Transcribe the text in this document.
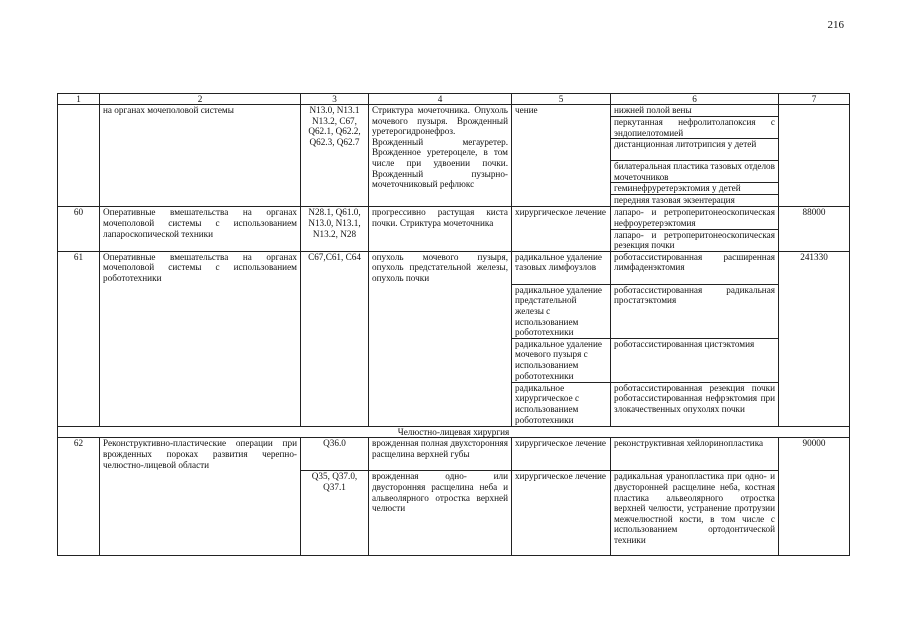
216
1	2	3	4	5	6	7
	на органах мочеполовой системы	N13.0, N13.1 N13.2, C67, Q62.1, Q62.2, Q62.3, Q62.7	Стриктура мочеточника. Опухоль мочевого пузыря. Врожденный уретерогидронефроз. Врожденный мегауретер. Врожденное уретероцеле, в том числе при удвоении почки. Врожденный пузырно-мочеточниковый рефлюкс	чение	нижней полой вены	
					перкутанная нефролитолапоксия с эндопиелотомией	
					дистанционная литотрипсия у детей	
					билатеральная пластика тазовых отделов мочеточников	
					геминефруретерэктомия у детей	
					передняя тазовая экзентерация	
60	Оперативные вмешательства на органах мочеполовой системы с использованием лапароскопической техники	N28.1, Q61.0, N13.0, N13.1, N13.2, N28	прогрессивно растущая киста почки. Стриктура мочеточника	хирургическое лечение	лапаро- и ретроперитонеоскопическая нефроуретерэктомия	88000
					лапаро- и ретроперитонеоскопическая резекция почки	
61	Оперативные вмешательства на органах мочеполовой системы с использованием робототехники	C67,C61, C64	опухоль мочевого пузыря, опухоль предстательной железы, опухоль почки	радикальное удаление тазовых лимфоузлов	роботассистированная расширенная лимфаденэктомия	241330
				радикальное удаление предстательной железы с использованием робототехники	роботассистированная радикальная простатэктомия	
				радикальное удаление мочевого пузыря с использованием робототехники	роботассистированная цистэктомия	
				радикальное хирургическое с использованием робототехники	роботассистированная резекция почки роботассистированная нефрэктомия при злокачественных опухолях почки	
Челюстно-лицевая хирургия						
62	Реконструктивно-пластические операции при врожденных пороках развития черепно-челюстно-лицевой области	Q36.0	врожденная полная двухсторонняя расщелина верхней губы	хирургическое лечение	реконструктивная хейлоринопластика	90000
		Q35, Q37.0, Q37.1	врожденная одно- или двусторонняя расщелина неба и альвеолярного отростка верхней челюсти	хирургическое лечение	радикальная уранопластика при одно- и двусторонней расщелине неба, костная пластика альвеолярного отростка верхней челюсти, устранение протрузии межчелюстной кости, в том числе с использованием ортодонтической техники	
